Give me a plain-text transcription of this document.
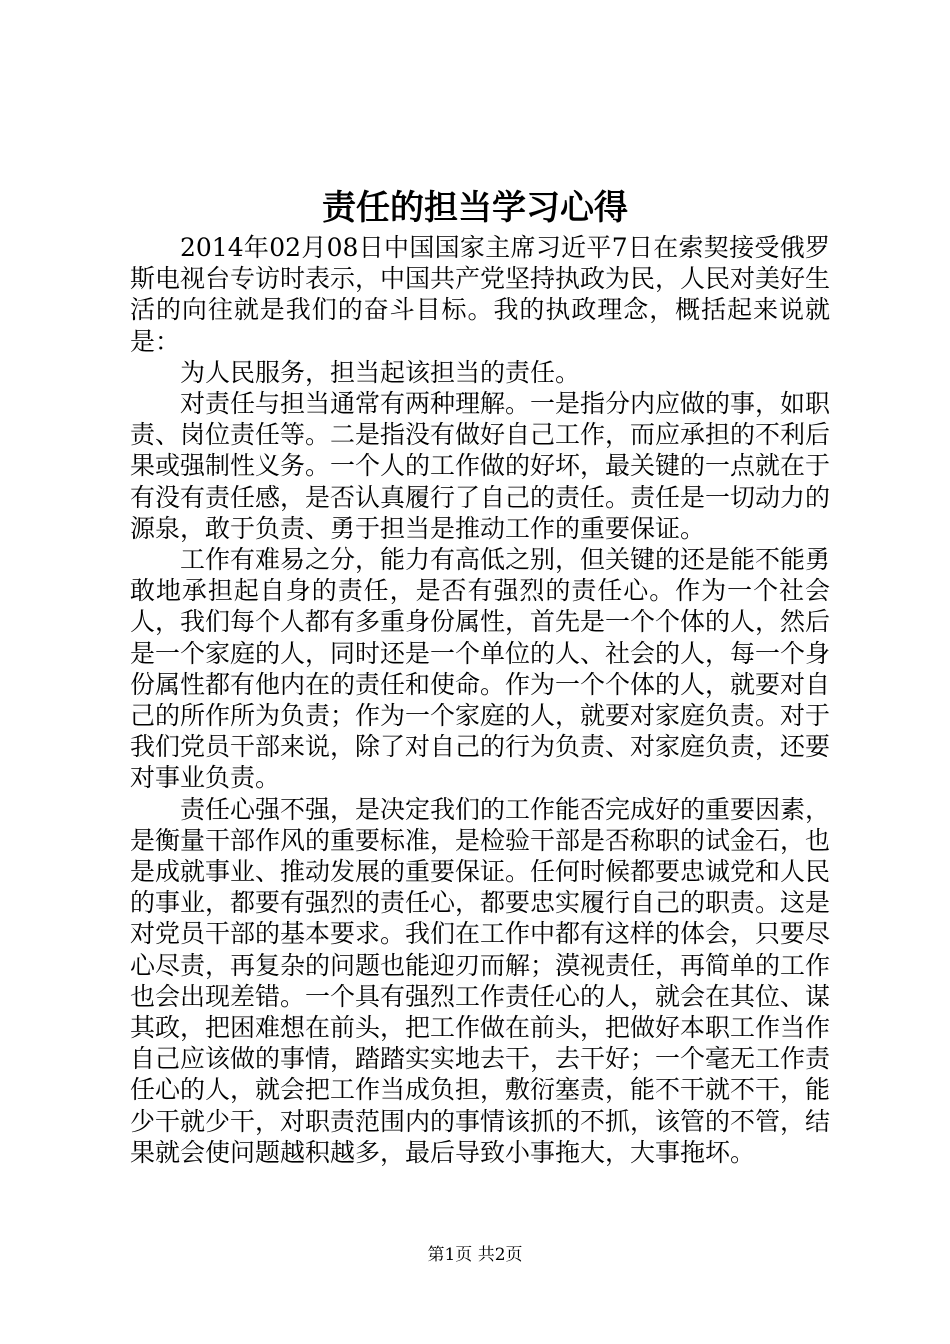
责任的担当学习心得

2014年02月08日中国国家主席习近平7日在索契接受俄罗斯电视台专访时表示，中国共产党坚持执政为民，人民对美好生活的向往就是我们的奋斗目标。我的执政理念，概括起来说就是：

为人民服务，担当起该担当的责任。

对责任与担当通常有两种理解。一是指分内应做的事，如职责、岗位责任等。二是指没有做好自己工作，而应承担的不利后果或强制性义务。一个人的工作做的好坏，最关键的一点就在于有没有责任感，是否认真履行了自己的责任。责任是一切动力的源泉，敢于负责、勇于担当是推动工作的重要保证。

工作有难易之分，能力有高低之别，但关键的还是能不能勇敢地承担起自身的责任，是否有强烈的责任心。作为一个社会人，我们每个人都有多重身份属性，首先是一个个体的人，然后是一个家庭的人，同时还是一个单位的人、社会的人，每一个身份属性都有他内在的责任和使命。作为一个个体的人，就要对自己的所作所为负责；作为一个家庭的人，就要对家庭负责。对于我们党员干部来说，除了对自己的行为负责、对家庭负责，还要对事业负责。

责任心强不强，是决定我们的工作能否完成好的重要因素，是衡量干部作风的重要标准，是检验干部是否称职的试金石，也是成就事业、推动发展的重要保证。任何时候都要忠诚党和人民的事业，都要有强烈的责任心，都要忠实履行自己的职责。这是对党员干部的基本要求。我们在工作中都有这样的体会，只要尽心尽责，再复杂的问题也能迎刃而解；漠视责任，再简单的工作也会出现差错。一个具有强烈工作责任心的人，就会在其位、谋其政，把困难想在前头，把工作做在前头，把做好本职工作当作自己应该做的事情，踏踏实实地去干，去干好；一个毫无工作责任心的人，就会把工作当成负担，敷衍塞责，能不干就不干，能少干就少干，对职责范围内的事情该抓的不抓，该管的不管，结果就会使问题越积越多，最后导致小事拖大，大事拖坏。

第1页 共2页
